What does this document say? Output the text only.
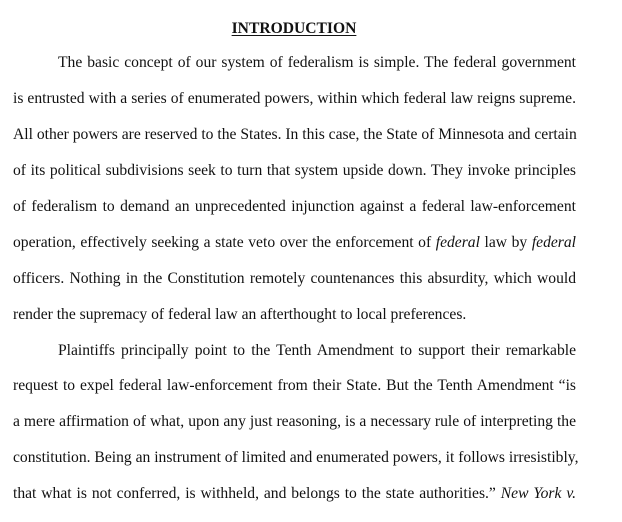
INTRODUCTION
The basic concept of our system of federalism is simple. The federal government
is entrusted with a series of enumerated powers, within which federal law reigns supreme.
All other powers are reserved to the States. In this case, the State of Minnesota and certain
of its political subdivisions seek to turn that system upside down. They invoke principles
of federalism to demand an unprecedented injunction against a federal law-enforcement
operation, effectively seeking a state veto over the enforcement of federal law by federal
officers. Nothing in the Constitution remotely countenances this absurdity, which would
render the supremacy of federal law an afterthought to local preferences.
Plaintiffs principally point to the Tenth Amendment to support their remarkable
request to expel federal law-enforcement from their State. But the Tenth Amendment “is
a mere affirmation of what, upon any just reasoning, is a necessary rule of interpreting the
constitution. Being an instrument of limited and enumerated powers, it follows irresistibly,
that what is not conferred, is withheld, and belongs to the state authorities.” New York v.
